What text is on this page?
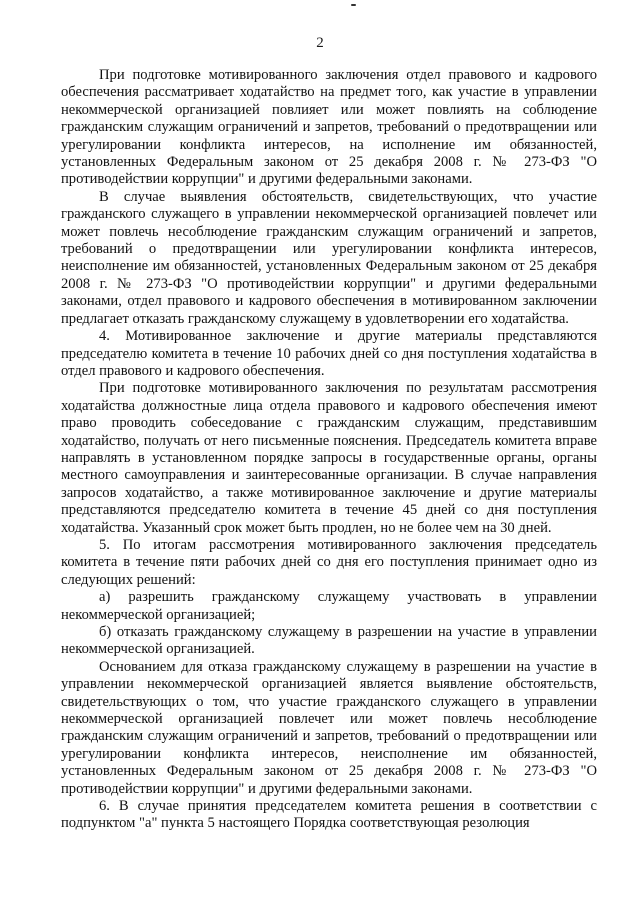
2

При подготовке мотивированного заключения отдел правового и кадрового обеспечения рассматривает ходатайство на предмет того, как участие в управлении некоммерческой организацией повлияет или может повлиять на соблюдение гражданским служащим ограничений и запретов, требований о предотвращении или урегулировании конфликта интересов, на исполнение им обязанностей, установленных Федеральным законом от 25 декабря 2008 г. № 273-ФЗ "О противодействии коррупции" и другими федеральными законами.

В случае выявления обстоятельств, свидетельствующих, что участие гражданского служащего в управлении некоммерческой организацией повлечет или может повлечь несоблюдение гражданским служащим ограничений и запретов, требований о предотвращении или урегулировании конфликта интересов, неисполнение им обязанностей, установленных Федеральным законом от 25 декабря 2008 г. № 273-ФЗ "О противодействии коррупции" и другими федеральными законами, отдел правового и кадрового обеспечения в мотивированном заключении предлагает отказать гражданскому служащему в удовлетворении его ходатайства.

4. Мотивированное заключение и другие материалы представляются председателю комитета в течение 10 рабочих дней со дня поступления ходатайства в отдел правового и кадрового обеспечения.

При подготовке мотивированного заключения по результатам рассмотрения ходатайства должностные лица отдела правового и кадрового обеспечения имеют право проводить собеседование с гражданским служащим, представившим ходатайство, получать от него письменные пояснения. Председатель комитета вправе направлять в установленном порядке запросы в государственные органы, органы местного самоуправления и заинтересованные организации. В случае направления запросов ходатайство, а также мотивированное заключение и другие материалы представляются председателю комитета в течение 45 дней со дня поступления ходатайства. Указанный срок может быть продлен, но не более чем на 30 дней.

5. По итогам рассмотрения мотивированного заключения председатель комитета в течение пяти рабочих дней со дня его поступления принимает одно из следующих решений:

а) разрешить гражданскому служащему участвовать в управлении некоммерческой организацией;

б) отказать гражданскому служащему в разрешении на участие в управлении некоммерческой организацией.

Основанием для отказа гражданскому служащему в разрешении на участие в управлении некоммерческой организацией является выявление обстоятельств, свидетельствующих о том, что участие гражданского служащего в управлении некоммерческой организацией повлечет или может повлечь несоблюдение гражданским служащим ограничений и запретов, требований о предотвращении или урегулировании конфликта интересов, неисполнение им обязанностей, установленных Федеральным законом от 25 декабря 2008 г. № 273-ФЗ "О противодействии коррупции" и другими федеральными законами.

6. В случае принятия председателем комитета решения в соответствии с подпунктом "а" пункта 5 настоящего Порядка соответствующая резолюция
